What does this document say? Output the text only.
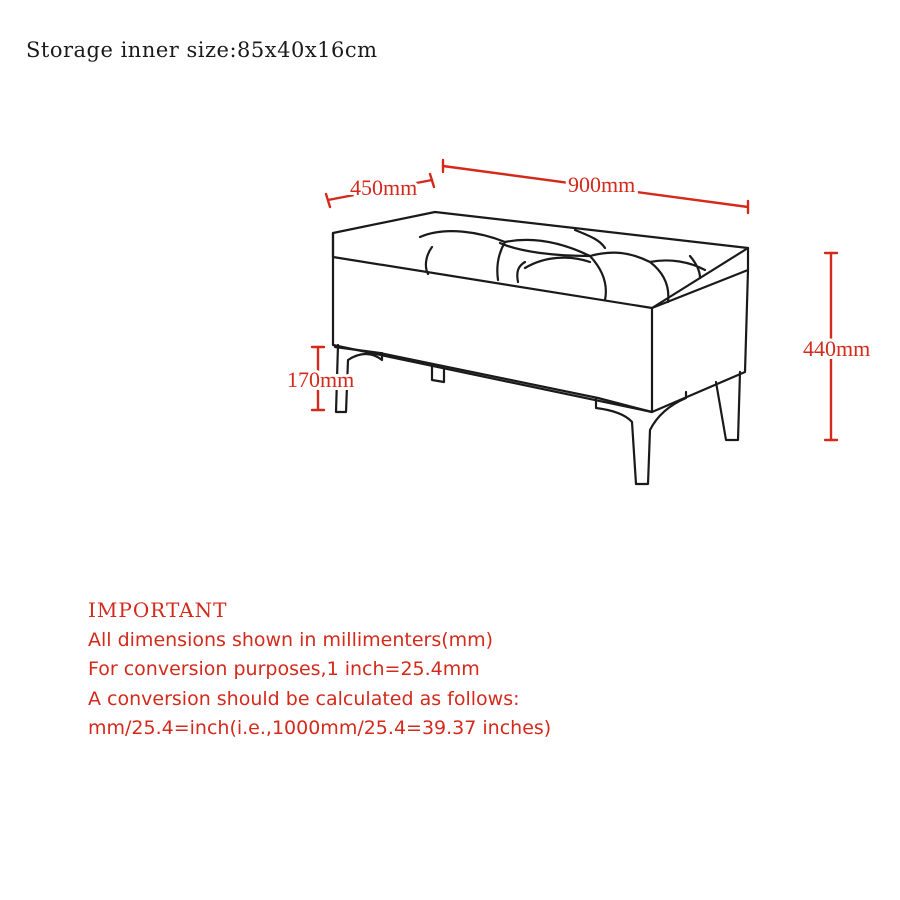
Storage inner size:85x40x16cm
450mm	900mm
440mm
170mm
IMPORTANT
All dimensions shown in millimenters(mm)
For conversion purposes,1 inch=25.4mm
A conversion should be calculated as follows:
mm/25.4=inch(i.e.,1000mm/25.4=39.37 inches)
